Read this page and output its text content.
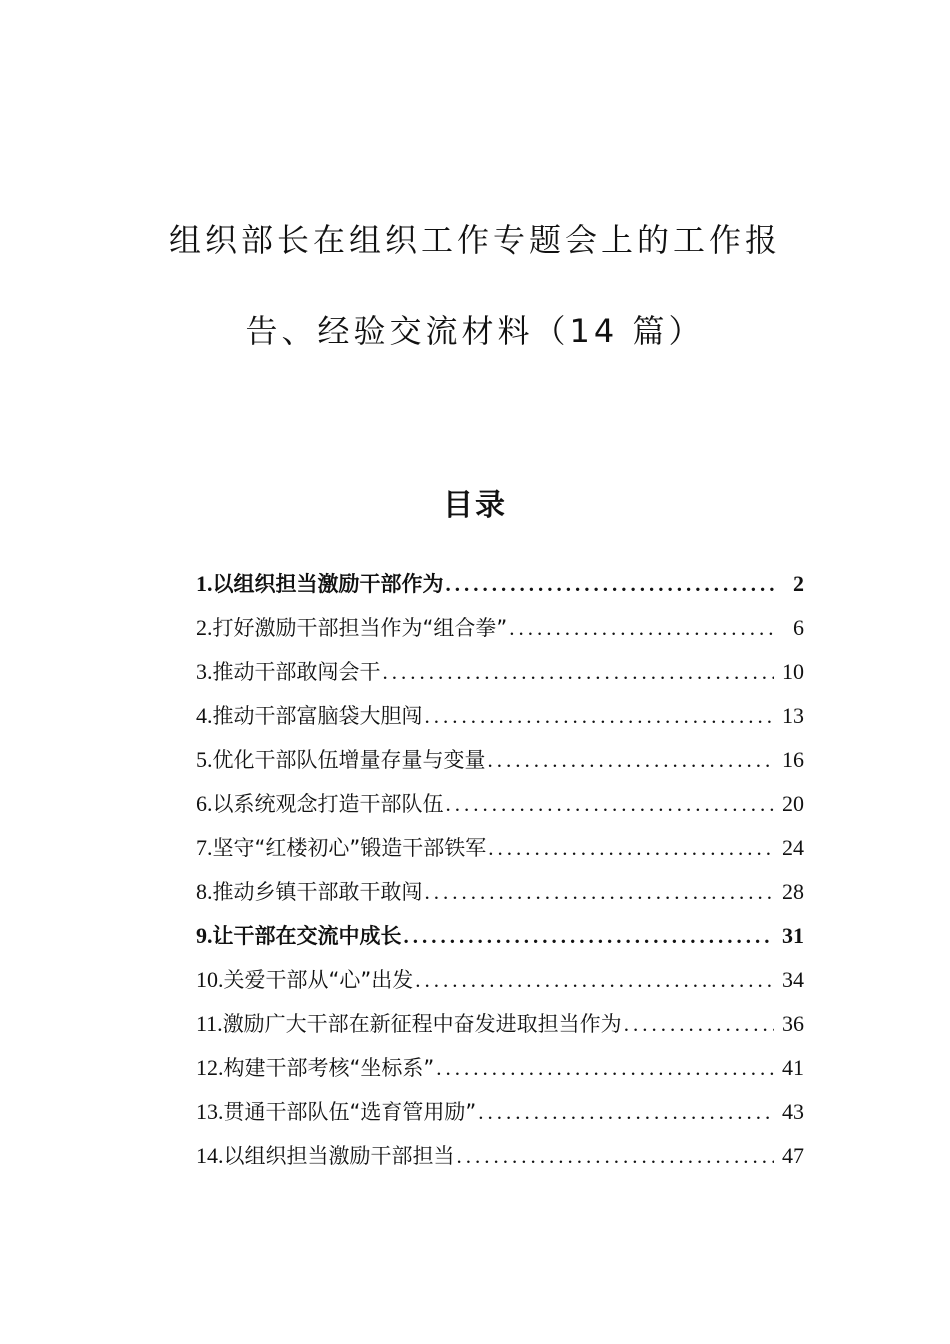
组织部长在组织工作专题会上的工作报
告、经验交流材料（14 篇）
目录
1. 以组织担当激励干部作为 .....	2
2. 打好激励干部担当作为“组合拳” .....	6
3. 推动干部敢闯会干 .....	10
4. 推动干部富脑袋大胆闯 .....	13
5. 优化干部队伍增量存量与变量 .....	16
6. 以系统观念打造干部队伍 .....	20
7. 坚守“红楼初心”锻造干部铁军 .....	24
8. 推动乡镇干部敢干敢闯 .....	28
9. 让干部在交流中成长 .....	31
10. 关爱干部从“心”出发 .....	34
11. 激励广大干部在新征程中奋发进取担当作为 .....	36
12. 构建干部考核“坐标系” .....	41
13. 贯通干部队伍“选育管用励” .....	43
14. 以组织担当激励干部担当 .....	47
